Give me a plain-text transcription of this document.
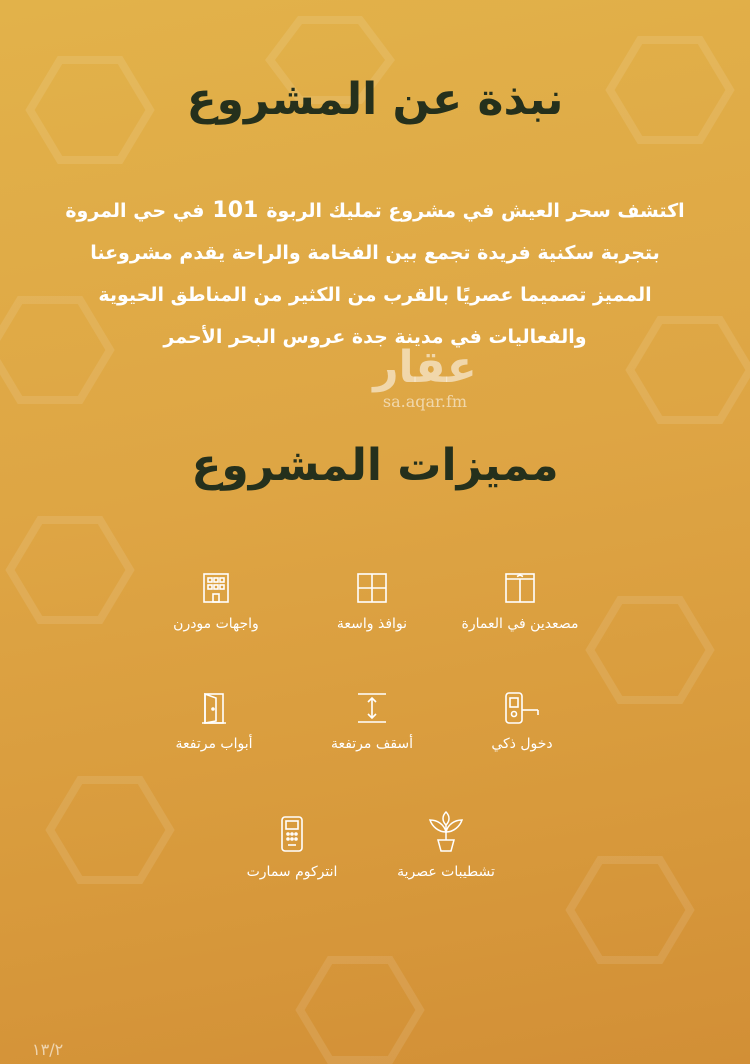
نبذة عن المشروع
اكتشف سحر العيش في مشروع تمليك الربوة101في حي المروة
بتجربة سكنية فريدة تجمع بين الفخامة والراحة يقدم مشروعنا
المميز تصميما عصريًا بالقرب من الكثير من المناطق الحيوية
والفعاليات في مدينة جدة عروس البحر الأحمر
عقار
sa.aqar.fm
مميزات المشروع
مصعدين في العمارة
نوافذ واسعة
واجهات مودرن
دخول ذكي
أسقف مرتفعة
أبواب مرتفعة
تشطيبات عصرية
انتركوم سمارت
١٣/٢
